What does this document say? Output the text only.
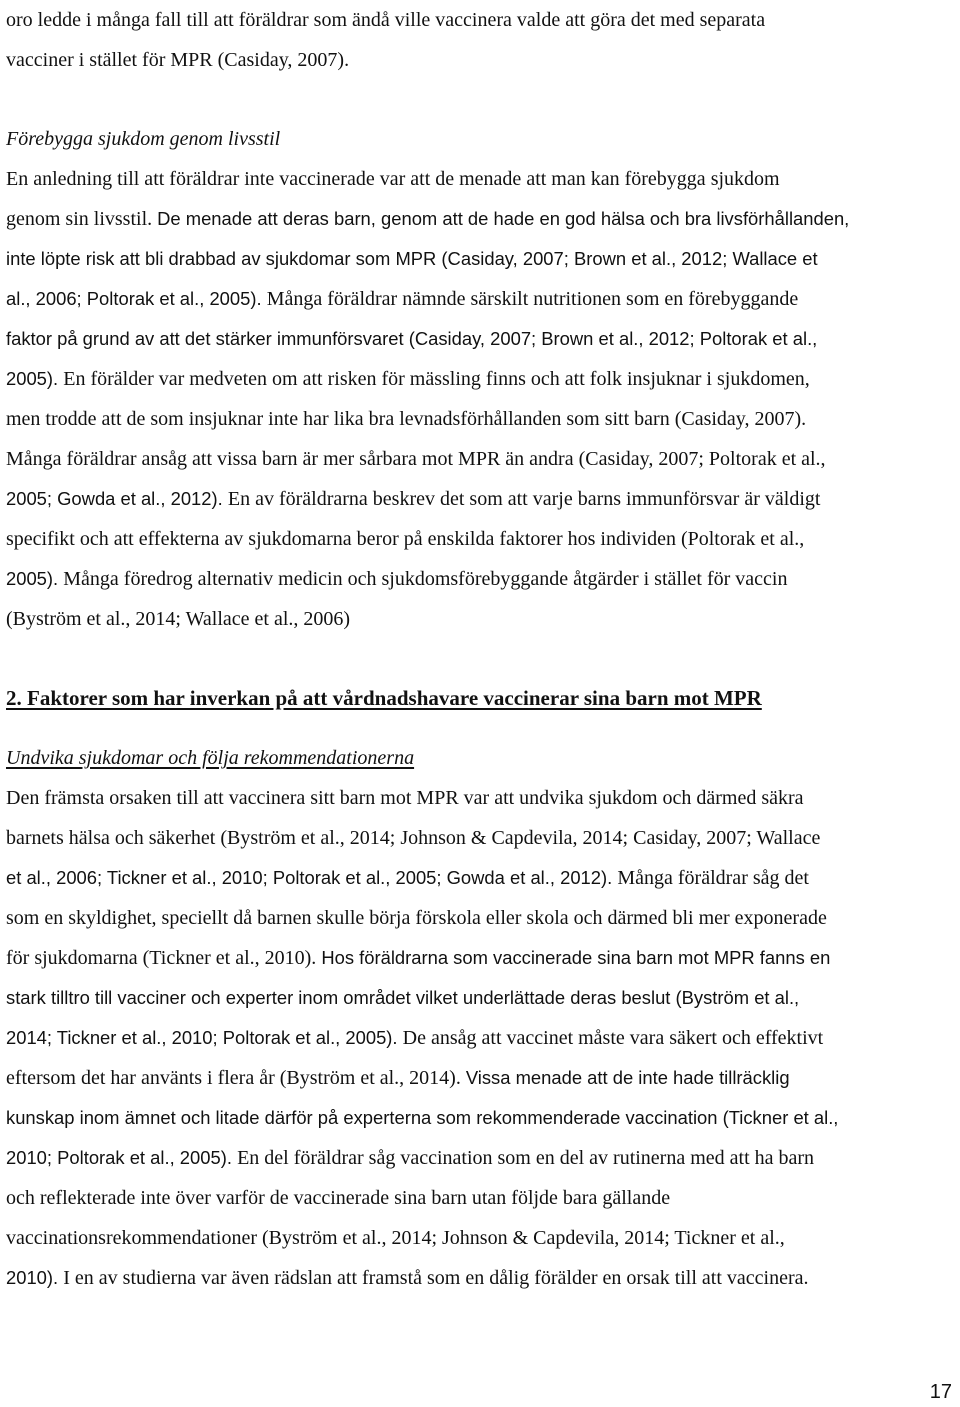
oro ledde i många fall till att föräldrar som ändå ville vaccinera valde att göra det med separata
vacciner i stället för MPR (Casiday, 2007).
Förebygga sjukdom genom livsstil
En anledning till att föräldrar inte vaccinerade var att de menade att man kan förebygga sjukdom
genom sin livsstil. De menade att deras barn, genom att de hade en god hälsa och bra livsförhållanden,
inte löpte risk att bli drabbad av sjukdomar som MPR (Casiday, 2007; Brown et al., 2012; Wallace et
al., 2006; Poltorak et al., 2005). Många föräldrar nämnde särskilt nutritionen som en förebyggande
faktor på grund av att det stärker immunförsvaret (Casiday, 2007; Brown et al., 2012; Poltorak et al.,
2005). En förälder var medveten om att risken för mässling finns och att folk insjuknar i sjukdomen,
men trodde att de som insjuknar inte har lika bra levnadsförhållanden som sitt barn (Casiday, 2007).
Många föräldrar ansåg att vissa barn är mer sårbara mot MPR än andra (Casiday, 2007; Poltorak et al.,
2005; Gowda et al., 2012). En av föräldrarna beskrev det som att varje barns immunförsvar är väldigt
specifikt och att effekterna av sjukdomarna beror på enskilda faktorer hos individen (Poltorak et al.,
2005). Många föredrog alternativ medicin och sjukdomsförebyggande åtgärder i stället för vaccin
(Byström et al., 2014; Wallace et al., 2006)
2. Faktorer som har inverkan på att vårdnadshavare vaccinerar sina barn mot MPR
Undvika sjukdomar och följa rekommendationerna
Den främsta orsaken till att vaccinera sitt barn mot MPR var att undvika sjukdom och därmed säkra
barnets hälsa och säkerhet (Byström et al., 2014; Johnson & Capdevila, 2014; Casiday, 2007; Wallace
et al., 2006; Tickner et al., 2010; Poltorak et al., 2005; Gowda et al., 2012). Många föräldrar såg det
som en skyldighet, speciellt då barnen skulle börja förskola eller skola och därmed bli mer exponerade
för sjukdomarna (Tickner et al., 2010). Hos föräldrarna som vaccinerade sina barn mot MPR fanns en
stark tilltro till vacciner och experter inom området vilket underlättade deras beslut (Byström et al.,
2014; Tickner et al., 2010; Poltorak et al., 2005). De ansåg att vaccinet måste vara säkert och effektivt
eftersom det har använts i flera år (Byström et al., 2014). Vissa menade att de inte hade tillräcklig
kunskap inom ämnet och litade därför på experterna som rekommenderade vaccination (Tickner et al.,
2010; Poltorak et al., 2005). En del föräldrar såg vaccination som en del av rutinerna med att ha barn
och reflekterade inte över varför de vaccinerade sina barn utan följde bara gällande
vaccinationsrekommendationer (Byström et al., 2014; Johnson & Capdevila, 2014; Tickner et al.,
2010). I en av studierna var även rädslan att framstå som en dålig förälder en orsak till att vaccinera.
17
